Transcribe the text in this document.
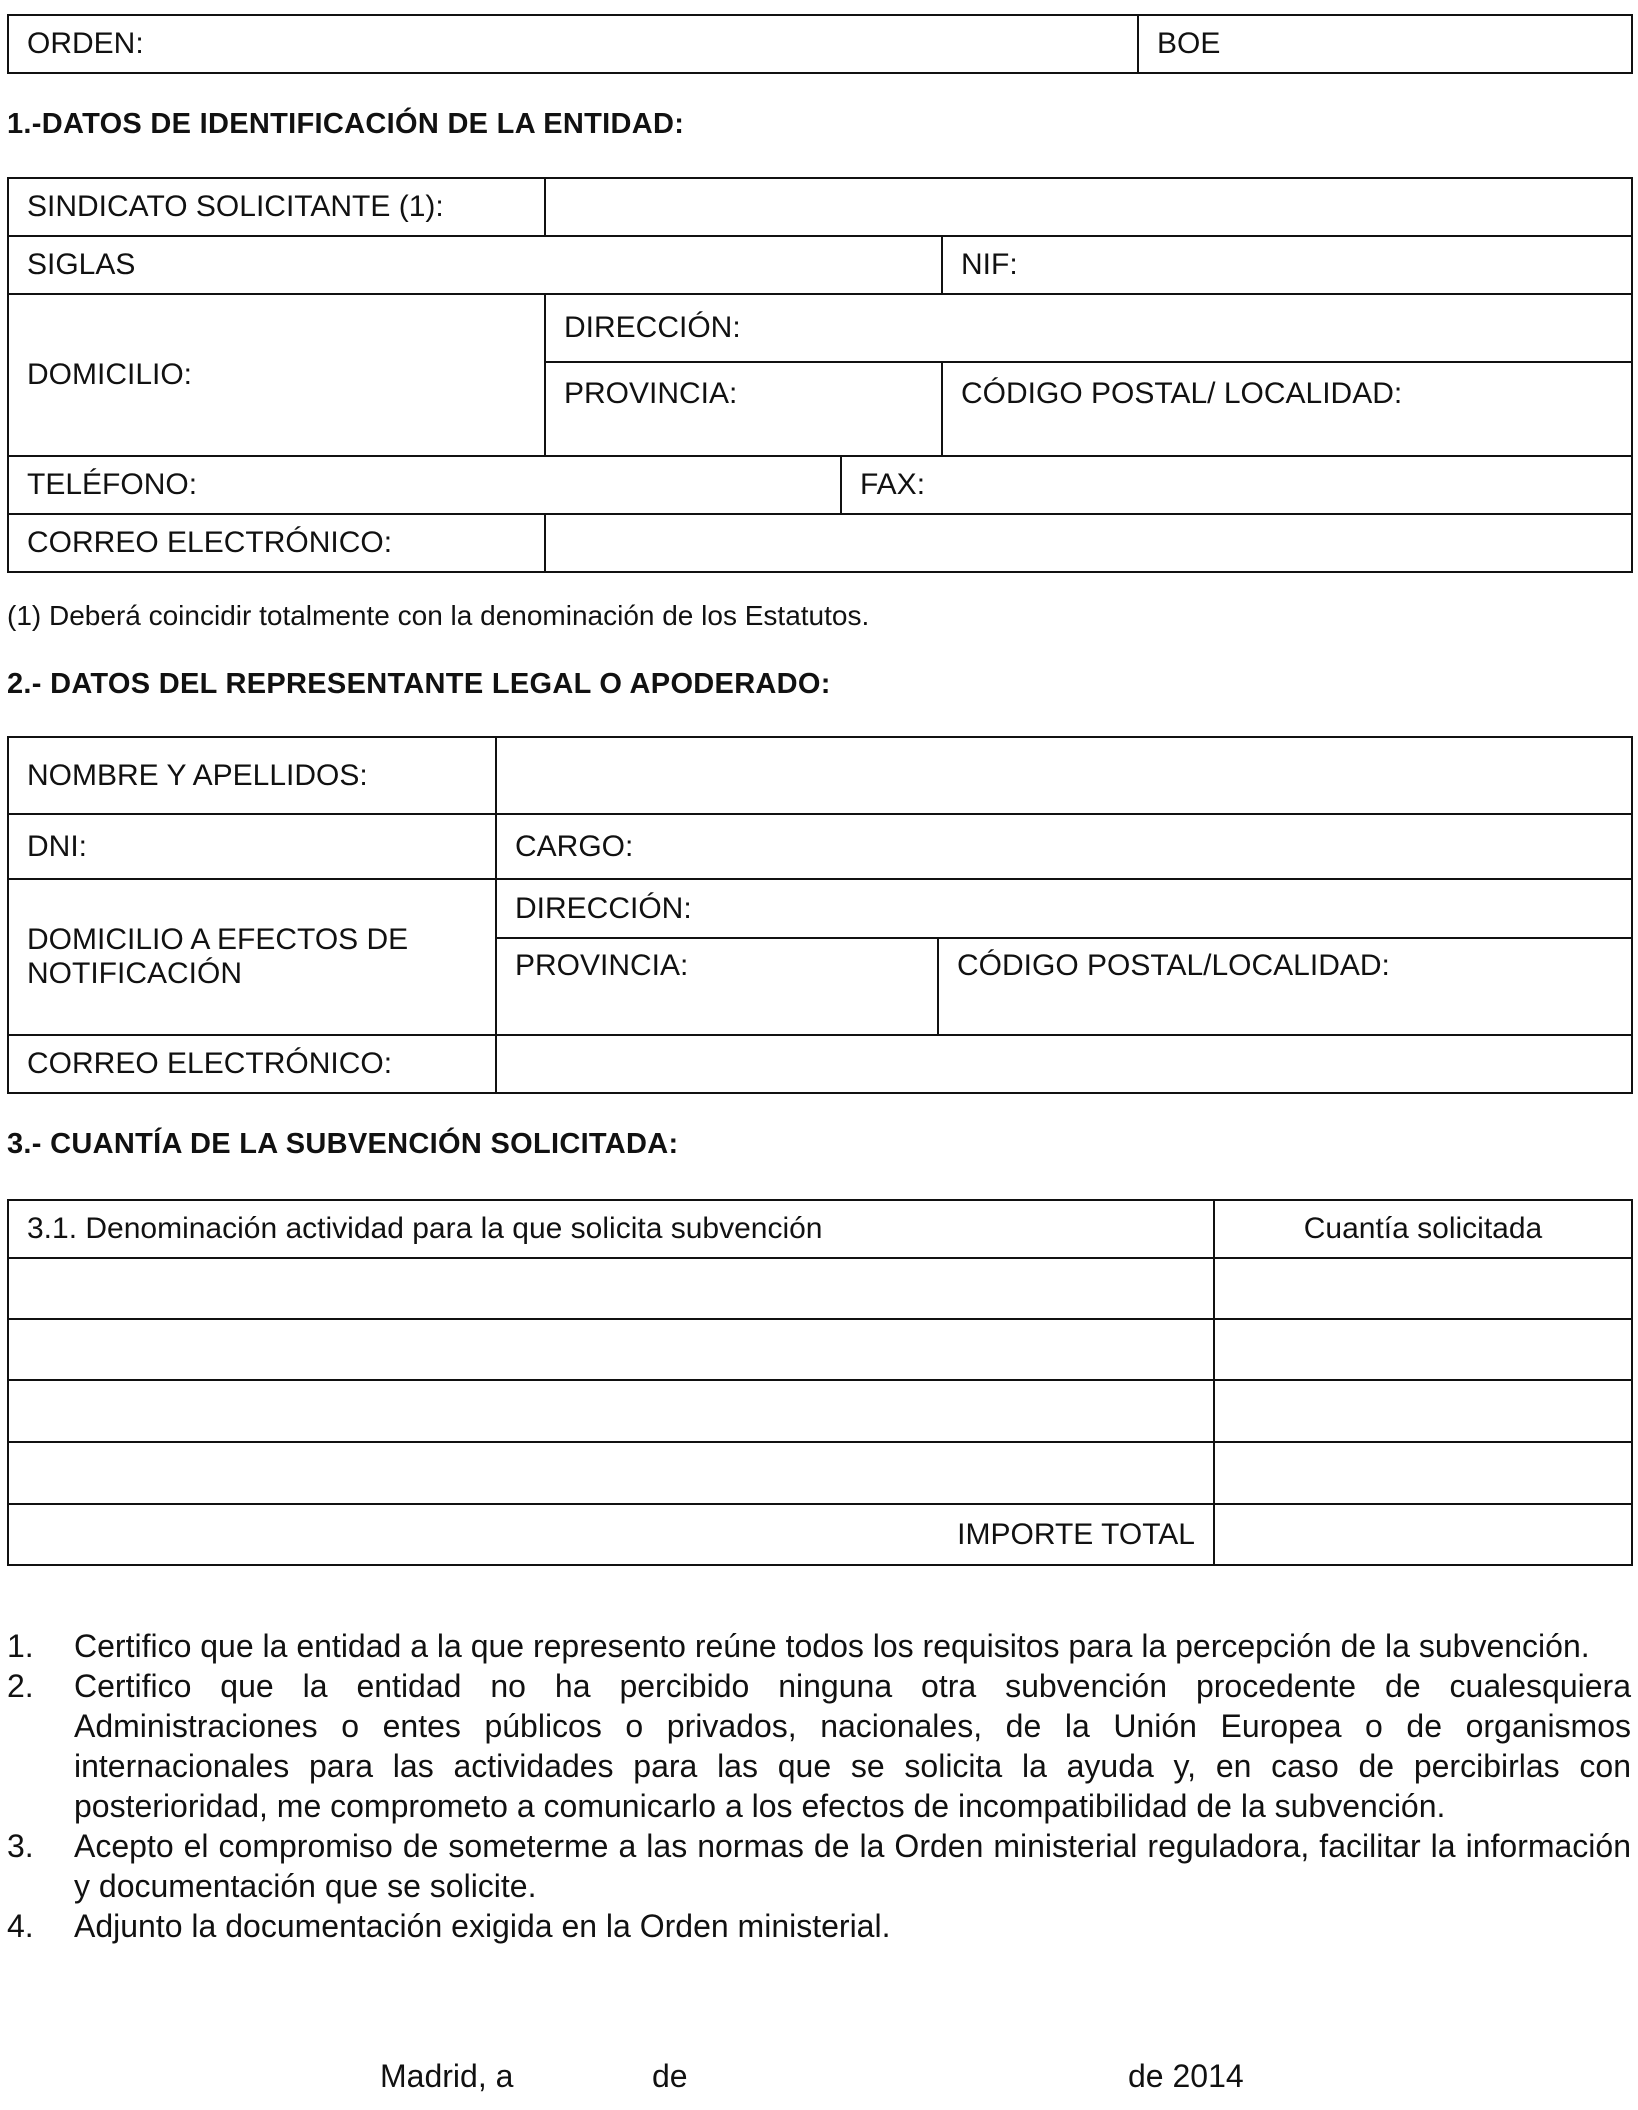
ORDEN:	BOE
1.-DATOS DE IDENTIFICACIÓN DE LA ENTIDAD:
SINDICATO SOLICITANTE (1):			
SIGLAS			NIF:
DOMICILIO:	DIRECCIÓN:		
	PROVINCIA:		CÓDIGO POSTAL/ LOCALIDAD:
TELÉFONO:		FAX:	
CORREO ELECTRÓNICO:			
(1) Deberá coincidir totalmente con la denominación de los Estatutos.
2.- DATOS DEL REPRESENTANTE LEGAL O APODERADO:
NOMBRE Y APELLIDOS:		
DNI:	CARGO:	

DOMICILIO A EFECTOS DE
NOTIFICACIÓN	DIRECCIÓN:	
	PROVINCIA:	CÓDIGO POSTAL/LOCALIDAD:
CORREO ELECTRÓNICO:		
3.- CUANTÍA DE LA SUBVENCIÓN SOLICITADA:
3.1. Denominación actividad para la que solicita subvención	Cuantía solicitada

IMPORTE TOTAL	
1. Certifico que la entidad a la que represento reúne todos los requisitos para la percepción de la subvención.
2. Certifico que la entidad no ha percibido ninguna otra subvención procedente de cualesquiera Administraciones o entes públicos o privados, nacionales, de la Unión Europea o de organismos internacionales para las actividades para las que se solicita la ayuda y, en caso de percibirlas con posterioridad, me comprometo a comunicarlo a los efectos de incompatibilidad de la subvención.
3. Acepto el compromiso de someterme a las normas de la Orden ministerial reguladora, facilitar la información y documentación que se solicite.
4. Adjunto la documentación exigida en la Orden ministerial.
Madrid, a	de	de 2014
